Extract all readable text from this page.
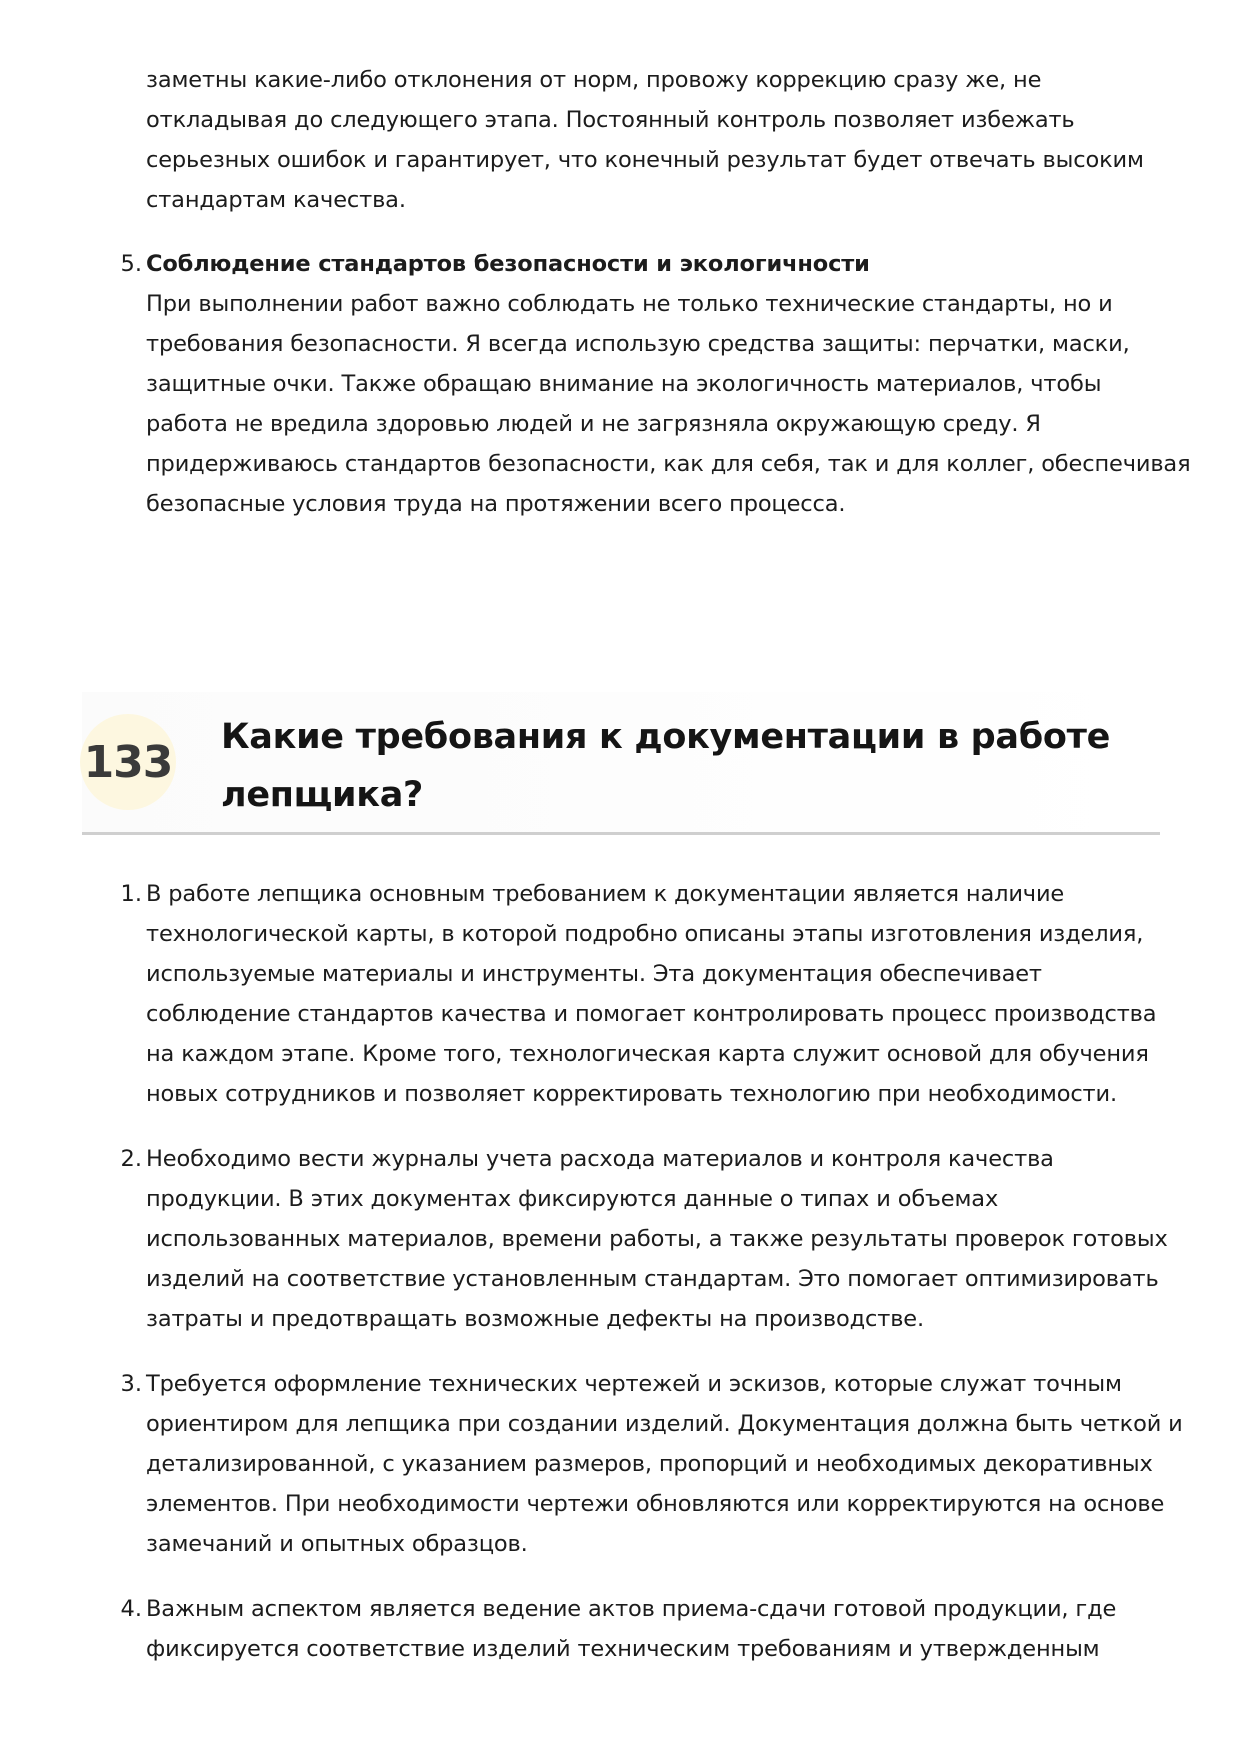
заметны какие-либо отклонения от норм, провожу коррекцию сразу же, не
откладывая до следующего этапа. Постоянный контроль позволяет избежать
серьезных ошибок и гарантирует, что конечный результат будет отвечать высоким
стандартам качества.
5. Соблюдение стандартов безопасности и экологичности
При выполнении работ важно соблюдать не только технические стандарты, но и
требования безопасности. Я всегда использую средства защиты: перчатки, маски,
защитные очки. Также обращаю внимание на экологичность материалов, чтобы
работа не вредила здоровью людей и не загрязняла окружающую среду. Я
придерживаюсь стандартов безопасности, как для себя, так и для коллег, обеспечивая
безопасные условия труда на протяжении всего процесса.
133 Какие требования к документации в работе
лепщика?
1. В работе лепщика основным требованием к документации является наличие
технологической карты, в которой подробно описаны этапы изготовления изделия,
используемые материалы и инструменты. Эта документация обеспечивает
соблюдение стандартов качества и помогает контролировать процесс производства
на каждом этапе. Кроме того, технологическая карта служит основой для обучения
новых сотрудников и позволяет корректировать технологию при необходимости.
2. Необходимо вести журналы учета расхода материалов и контроля качества
продукции. В этих документах фиксируются данные о типах и объемах
использованных материалов, времени работы, а также результаты проверок готовых
изделий на соответствие установленным стандартам. Это помогает оптимизировать
затраты и предотвращать возможные дефекты на производстве.
3. Требуется оформление технических чертежей и эскизов, которые служат точным
ориентиром для лепщика при создании изделий. Документация должна быть четкой и
детализированной, с указанием размеров, пропорций и необходимых декоративных
элементов. При необходимости чертежи обновляются или корректируются на основе
замечаний и опытных образцов.
4. Важным аспектом является ведение актов приема-сдачи готовой продукции, где
фиксируется соответствие изделий техническим требованиям и утвержденным
